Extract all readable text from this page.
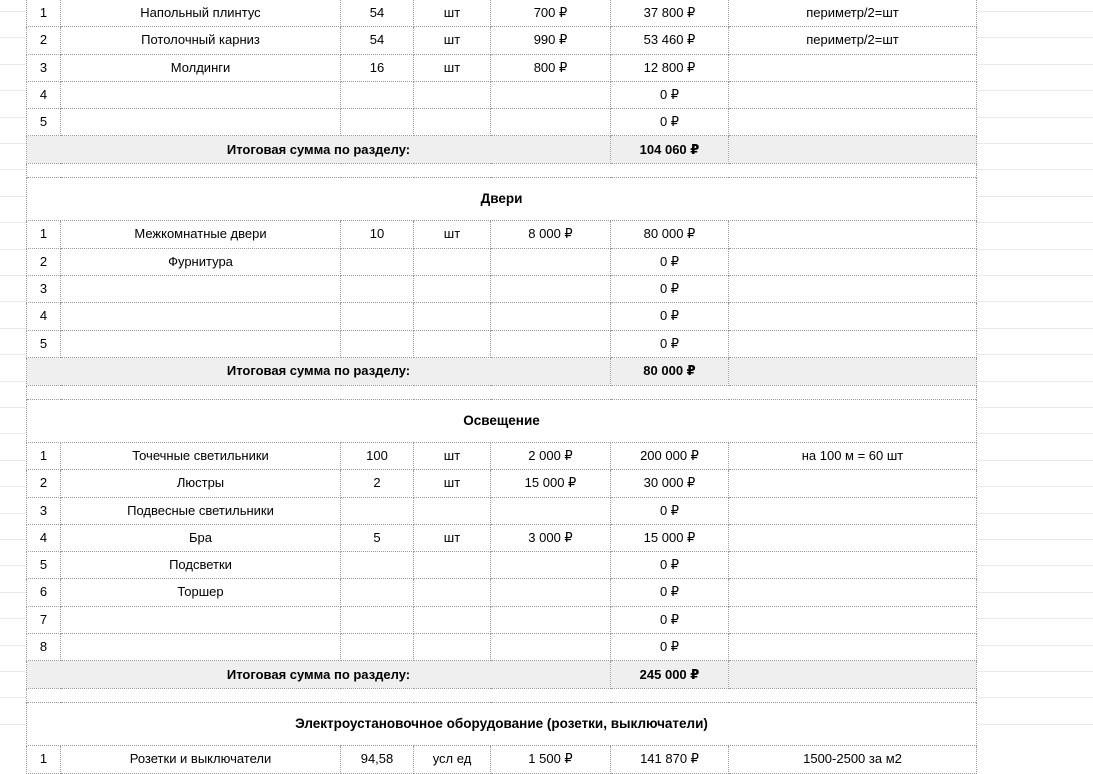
1	Напольный плинтус	54	шт	700 ₽	37 800 ₽	периметр/2=шт
2	Потолочный карниз	54	шт	990 ₽	53 460 ₽	периметр/2=шт
3	Молдинги	16	шт	800 ₽	12 800 ₽	
4					0 ₽	
5					0 ₽	
Итоговая сумма по разделу:					104 060 ₽	

Двери						
1	Межкомнатные двери	10	шт	8 000 ₽	80 000 ₽	
2	Фурнитура				0 ₽	
3					0 ₽	
4					0 ₽	
5					0 ₽	
Итоговая сумма по разделу:					80 000 ₽	

Освещение						
1	Точечные светильники	100	шт	2 000 ₽	200 000 ₽	на 100 м = 60 шт
2	Люстры	2	шт	15 000 ₽	30 000 ₽	
3	Подвесные светильники				0 ₽	
4	Бра	5	шт	3 000 ₽	15 000 ₽	
5	Подсветки				0 ₽	
6	Торшер				0 ₽	
7					0 ₽	
8					0 ₽	
Итоговая сумма по разделу:					245 000 ₽	

Электроустановочное оборудование (розетки, выключатели)						
1	Розетки и выключатели	94,58	усл ед	1 500 ₽	141 870 ₽	1500-2500 за м2
